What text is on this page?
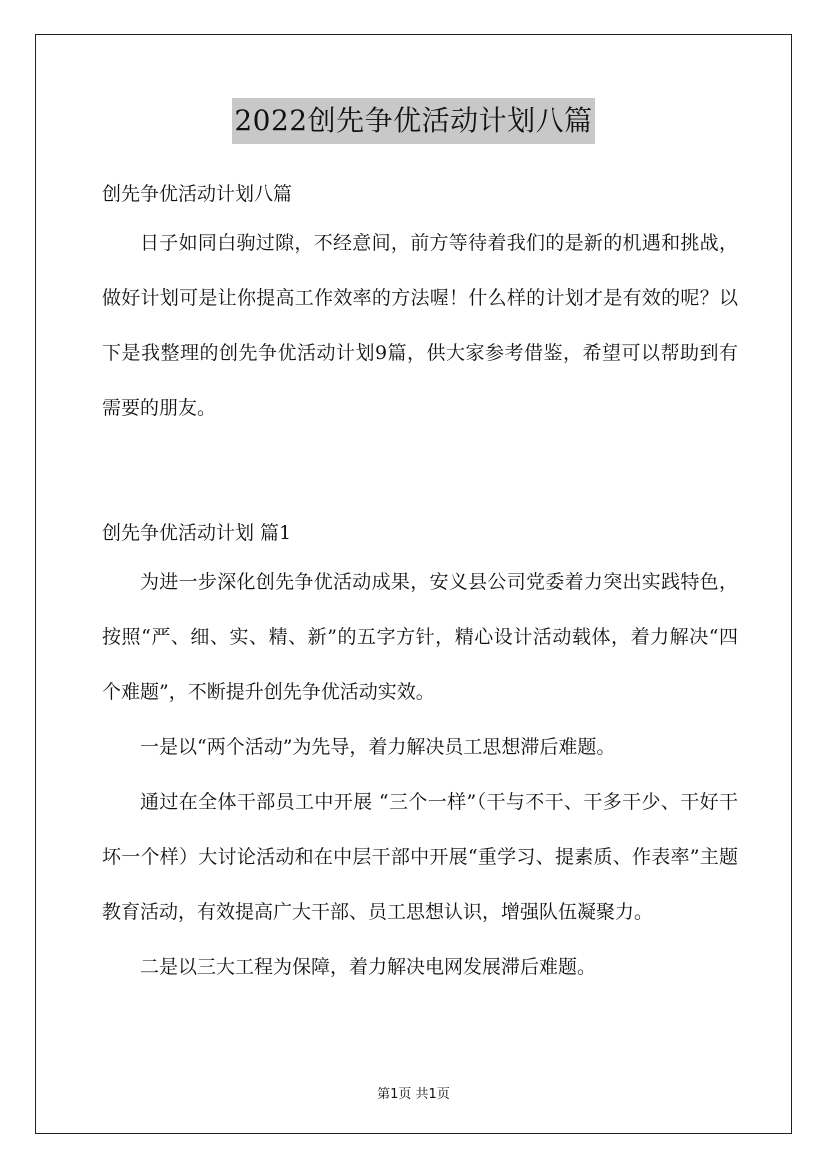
2022创先争优活动计划八篇

创先争优活动计划八篇

日子如同白驹过隙，不经意间，前方等待着我们的是新的机遇和挑战，做好计划可是让你提高工作效率的方法喔！什么样的计划才是有效的呢？以下是我整理的创先争优活动计划9篇，供大家参考借鉴，希望可以帮助到有需要的朋友。

创先争优活动计划 篇1

为进一步深化创先争优活动成果，安义县公司党委着力突出实践特色，按照“严、细、实、精、新”的五字方针，精心设计活动载体，着力解决“四个难题”，不断提升创先争优活动实效。

一是以“两个活动”为先导，着力解决员工思想滞后难题。

通过在全体干部员工中开展 “三个一样”（干与不干、干多干少、干好干坏一个样）大讨论活动和在中层干部中开展“重学习、提素质、作表率”主题教育活动，有效提高广大干部、员工思想认识，增强队伍凝聚力。

二是以三大工程为保障，着力解决电网发展滞后难题。

第1页 共1页
